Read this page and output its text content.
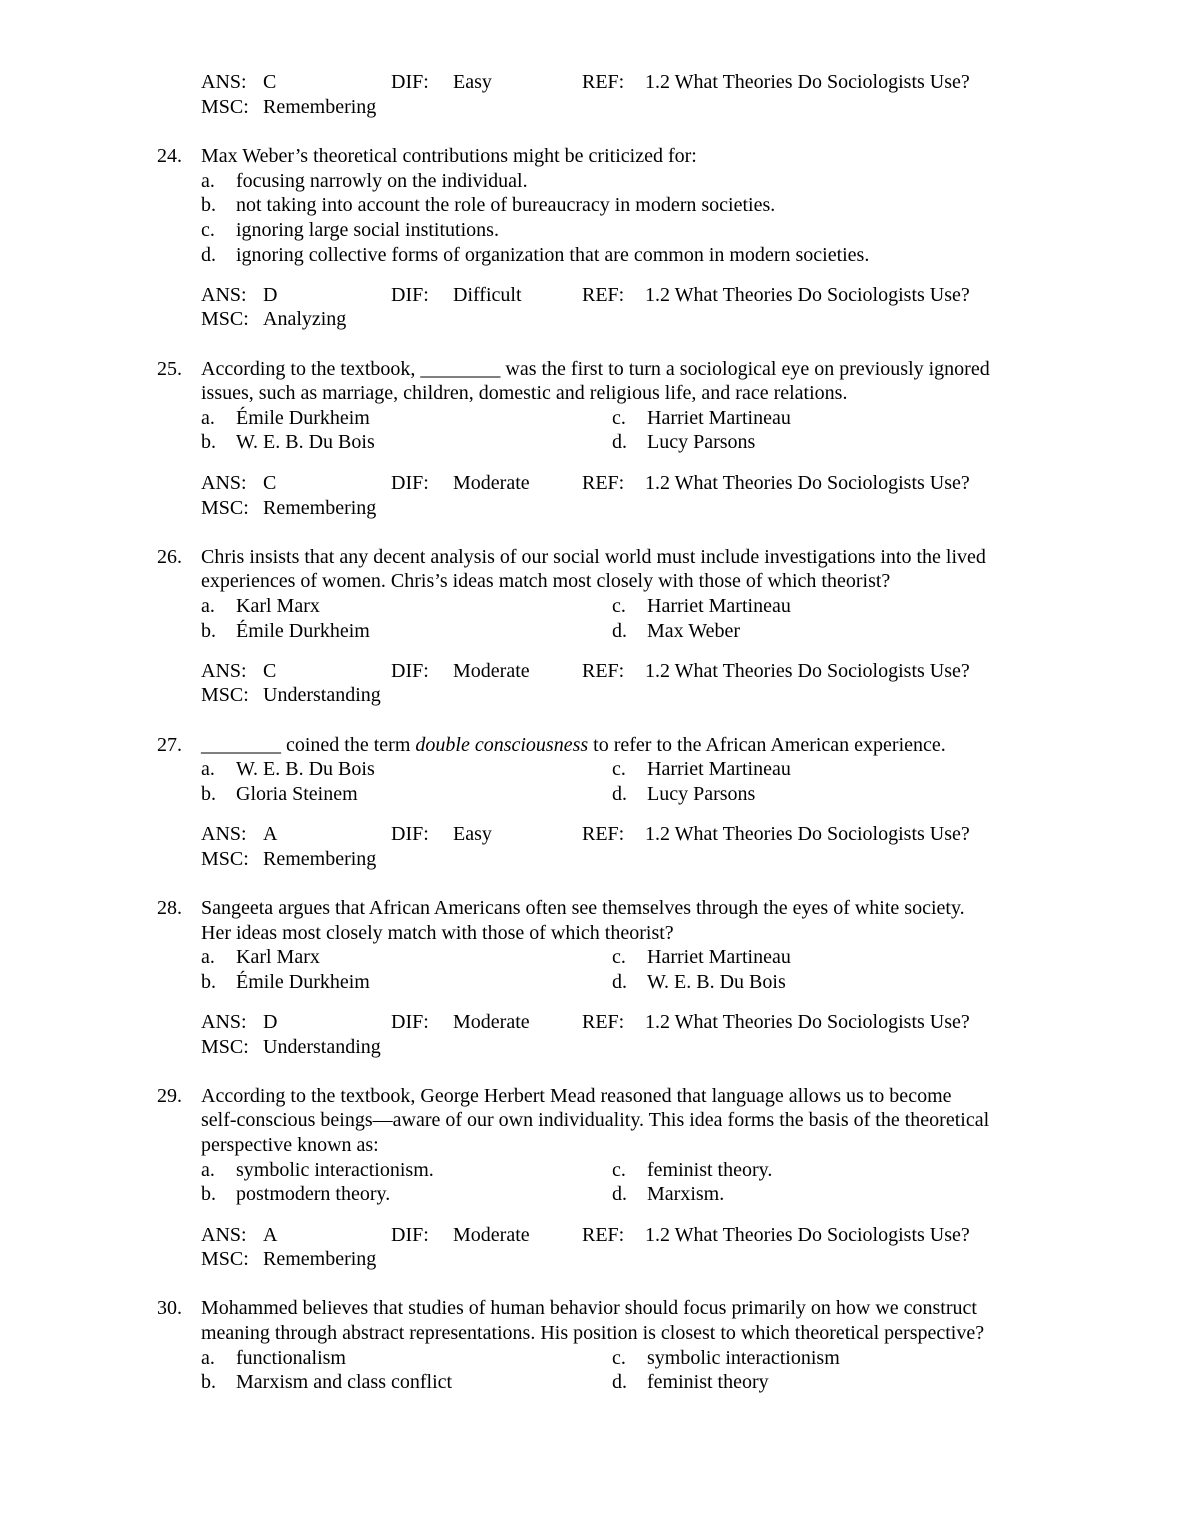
ANS: C	DIF: Easy	REF: 1.2 What Theories Do Sociologists Use?
MSC: Remembering
24. Max Weber’s theoretical contributions might be criticized for:
a. focusing narrowly on the individual.
b. not taking into account the role of bureaucracy in modern societies.
c. ignoring large social institutions.
d. ignoring collective forms of organization that are common in modern societies.
ANS: D	DIF: Difficult	REF: 1.2 What Theories Do Sociologists Use?
MSC: Analyzing
25. According to the textbook, ________ was the first to turn a sociological eye on previously ignored
issues, such as marriage, children, domestic and religious life, and race relations.
a. Émile Durkheim
b. W. E. B. Du Bois
c. Harriet Martineau
d. Lucy Parsons
ANS: C	DIF: Moderate	REF: 1.2 What Theories Do Sociologists Use?
MSC: Remembering
26. Chris insists that any decent analysis of our social world must include investigations into the lived
experiences of women. Chris’s ideas match most closely with those of which theorist?
a. Karl Marx
b. Émile Durkheim
c. Harriet Martineau
d. Max Weber
ANS: C	DIF: Moderate	REF: 1.2 What Theories Do Sociologists Use?
MSC: Understanding
27. ________ coined the term double consciousness to refer to the African American experience.
a. W. E. B. Du Bois
b. Gloria Steinem
c. Harriet Martineau
d. Lucy Parsons
ANS: A	DIF: Easy	REF: 1.2 What Theories Do Sociologists Use?
MSC: Remembering
28. Sangeeta argues that African Americans often see themselves through the eyes of white society.
Her ideas most closely match with those of which theorist?
a. Karl Marx
b. Émile Durkheim
c. Harriet Martineau
d. W. E. B. Du Bois
ANS: D	DIF: Moderate	REF: 1.2 What Theories Do Sociologists Use?
MSC: Understanding
29. According to the textbook, George Herbert Mead reasoned that language allows us to become
self-conscious beings—aware of our own individuality. This idea forms the basis of the theoretical
perspective known as:
a. symbolic interactionism.
b. postmodern theory.
c. feminist theory.
d. Marxism.
ANS: A	DIF: Moderate	REF: 1.2 What Theories Do Sociologists Use?
MSC: Remembering
30. Mohammed believes that studies of human behavior should focus primarily on how we construct
meaning through abstract representations. His position is closest to which theoretical perspective?
a. functionalism
b. Marxism and class conflict
c. symbolic interactionism
d. feminist theory
